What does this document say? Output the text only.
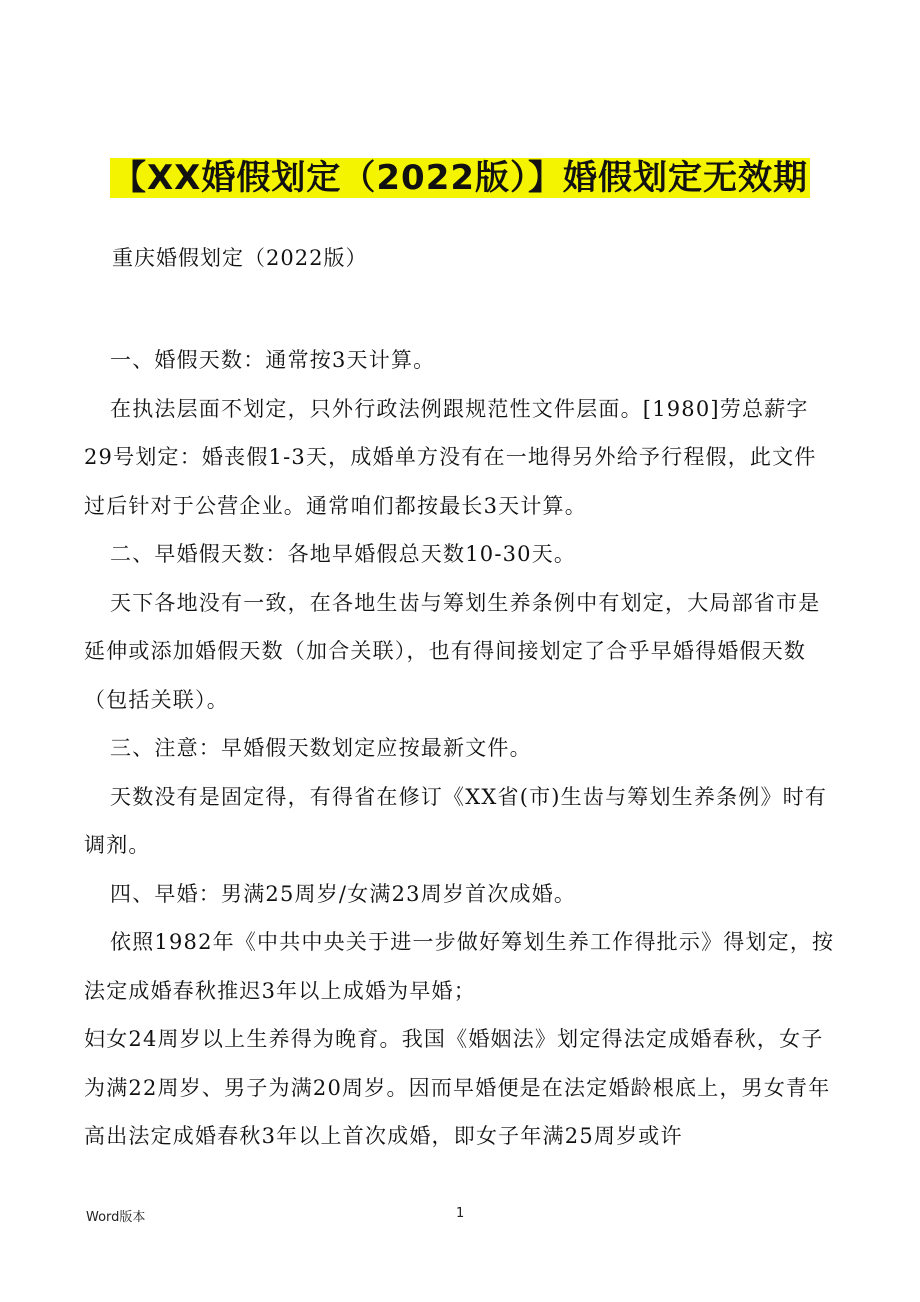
【XX婚假划定（2022版）】婚假划定无效期
重庆婚假划定（2022版）

一、婚假天数：通常按3天计算。

在执法层面不划定，只外行政法例跟规范性文件层面。[1980]劳总薪字29号划定：婚丧假1-3天，成婚单方没有在一地得另外给予行程假，此文件过后针对于公营企业。通常咱们都按最长3天计算。

二、早婚假天数：各地早婚假总天数10-30天。

天下各地没有一致，在各地生齿与筹划生养条例中有划定，大局部省市是延伸或添加婚假天数（加合关联），也有得间接划定了合乎早婚得婚假天数（包括关联）。

三、注意：早婚假天数划定应按最新文件。

天数没有是固定得，有得省在修订《XX省(市)生齿与筹划生养条例》时有调剂。

四、早婚：男满25周岁/女满23周岁首次成婚。

依照1982年《中共中央关于进一步做好筹划生养工作得批示》得划定，按法定成婚春秋推迟3年以上成婚为早婚；

妇女24周岁以上生养得为晚育。我国《婚姻法》划定得法定成婚春秋，女子为满22周岁、男子为满20周岁。因而早婚便是在法定婚龄根底上，男女青年高出法定成婚春秋3年以上首次成婚，即女子年满25周岁或许

Word版本	1
